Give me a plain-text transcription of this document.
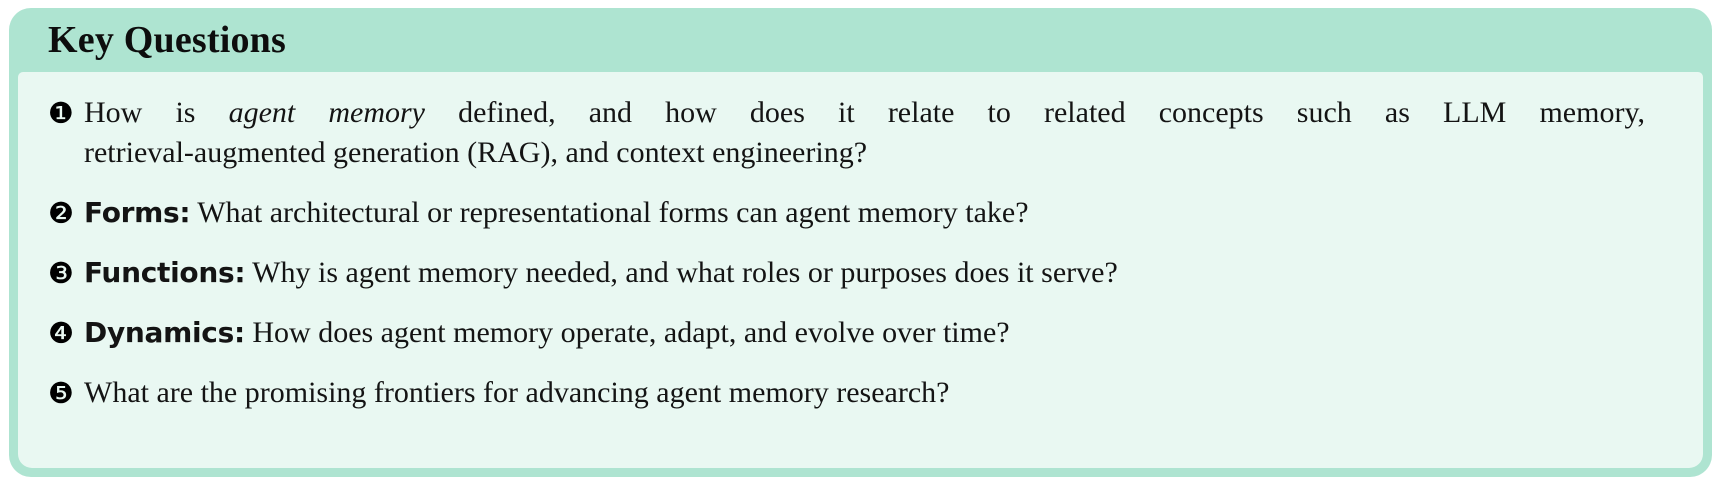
Key Questions
❶ How is agent memory defined, and how does it relate to related concepts such as LLM memory,
retrieval-augmented generation (RAG), and context engineering?
❷ Forms: What architectural or representational forms can agent memory take?
❸ Functions: Why is agent memory needed, and what roles or purposes does it serve?
❹ Dynamics: How does agent memory operate, adapt, and evolve over time?
❺ What are the promising frontiers for advancing agent memory research?
